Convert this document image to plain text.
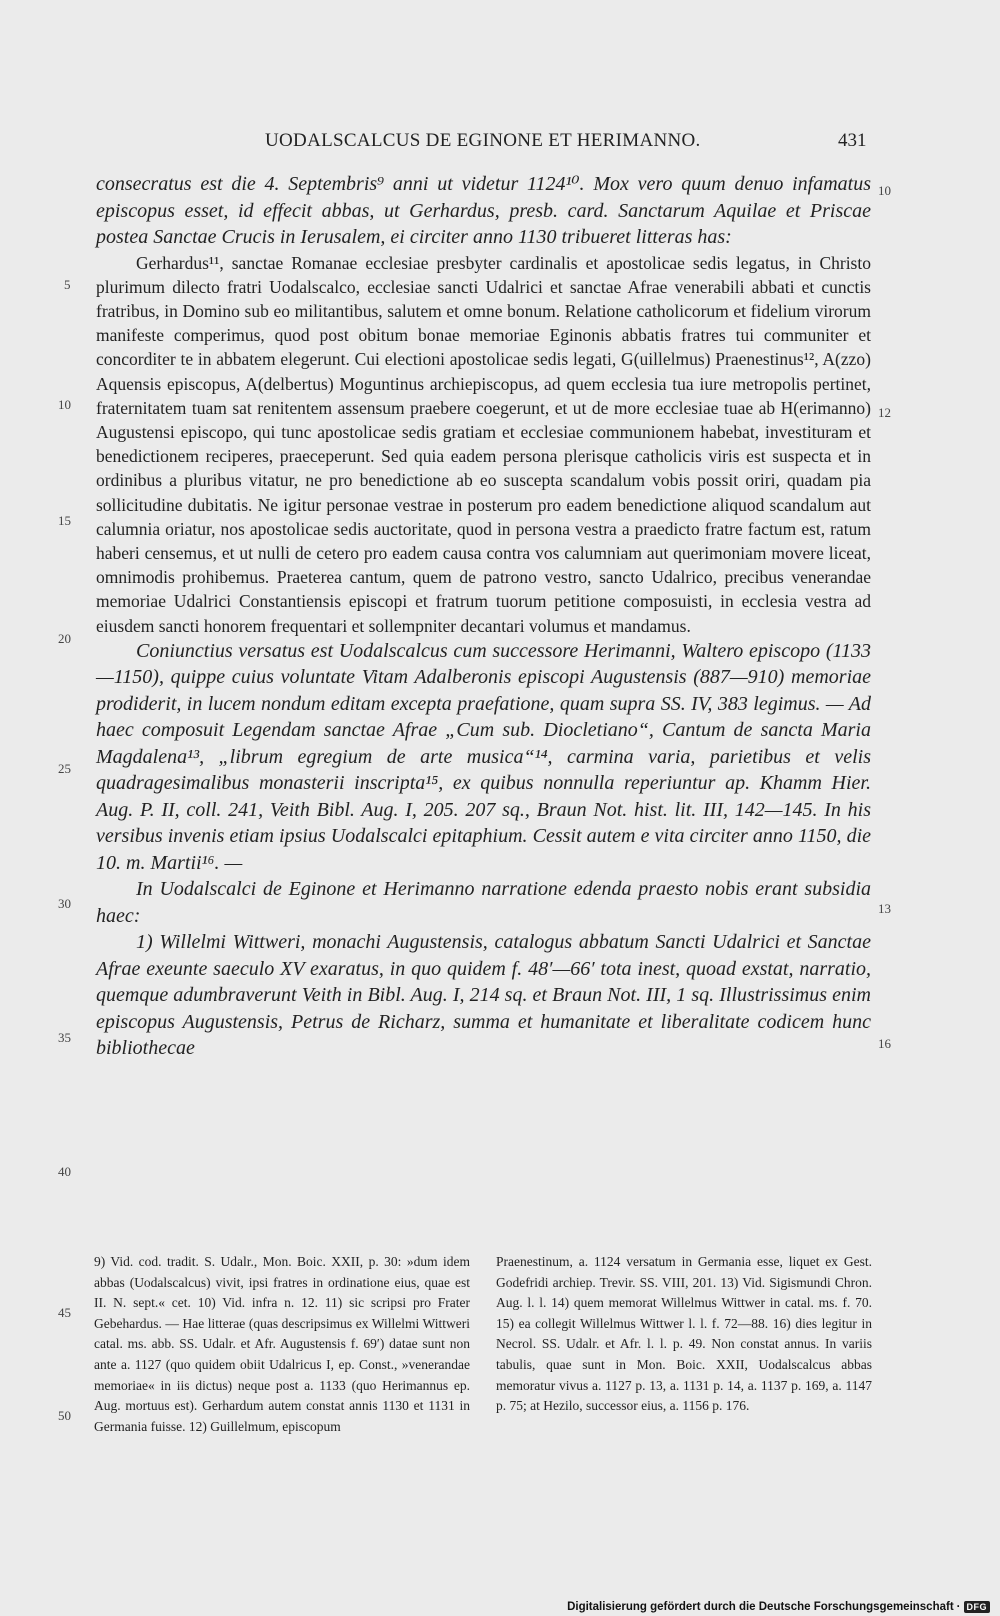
UODALSCALCUS DE EGINONE ET HERIMANNO.	431

consecratus est die 4. Septembris⁹ anni ut videtur 1124¹⁰. Mox vero quum denuo infamatus episcopus esset, id effecit abbas, ut Gerhardus, presb. card. Sanctarum Aquilae et Priscae postea Sanctae Crucis in Ierusalem, ei circiter anno 1130 tribueret litteras has:

Gerhardus¹¹, sanctae Romanae ecclesiae presbyter cardinalis et apostolicae sedis legatus, in Christo plurimum dilecto fratri Uodalscalco, ecclesiae sancti Udalrici et sanctae Afrae venerabili abbati et cunctis fratribus, in Domino sub eo militantibus, salutem et omne bonum. Relatione catholicorum et fidelium virorum manifeste comperimus, quod post obitum bonae memoriae Eginonis abbatis fratres tui communiter et concorditer te in abbatem elegerunt. Cui electioni apostolicae sedis legati, G(uillelmus) Praenestinus¹², A(zzo) Aquensis episcopus, A(delbertus) Moguntinus archiepiscopus, ad quem ecclesia tua iure metropolis pertinet, fraternitatem tuam sat renitentem assensum praebere coegerunt, et ut de more ecclesiae tuae ab H(erimanno) Augustensi episcopo, qui tunc apostolicae sedis gratiam et ecclesiae communionem habebat, investituram et benedictionem reciperes, praeceperunt. Sed quia eadem persona plerisque catholicis viris est suspecta et in ordinibus a pluribus vitatur, ne pro benedictione ab eo suscepta scandalum vobis possit oriri, quadam pia sollicitudine dubitatis. Ne igitur personae vestrae in posterum pro eadem benedictione aliquod scandalum aut calumnia oriatur, nos apostolicae sedis auctoritate, quod in persona vestra a praedicto fratre factum est, ratum haberi censemus, et ut nulli de cetero pro eadem causa contra vos calumniam aut querimoniam movere liceat, omnimodis prohibemus. Praeterea cantum, quem de patrono vestro, sancto Udalrico, precibus venerandae memoriae Udalrici Constantiensis episcopi et fratrum tuorum petitione composuisti, in ecclesia vestra ad eiusdem sancti honorem frequentari et sollempniter decantari volumus et mandamus.

Coniunctius versatus est Uodalscalcus cum successore Herimanni, Waltero episcopo (1133—1150), quippe cuius voluntate Vitam Adalberonis episcopi Augustensis (887—910) memoriae prodiderit, in lucem nondum editam excepta praefatione, quam supra SS. IV, 383 legimus. — Ad haec composuit Legendam sanctae Afrae „Cum sub. Diocletiano“, Cantum de sancta Maria Magdalena¹³, „librum egregium de arte musica“¹⁴, carmina varia, parietibus et velis quadragesimalibus monasterii inscripta¹⁵, ex quibus nonnulla reperiuntur ap. Khamm Hier. Aug. P. II, coll. 241, Veith Bibl. Aug. I, 205. 207 sq., Braun Not. hist. lit. III, 142—145. In his versibus invenis etiam ipsius Uodalscalci epitaphium. Cessit autem e vita circiter anno 1150, die 10. m. Martii¹⁶. —

In Uodalscalci de Eginone et Herimanno narratione edenda praesto nobis erant subsidia haec:

1) Willelmi Wittweri, monachi Augustensis, catalogus abbatum Sancti Udalrici et Sanctae Afrae exeunte saeculo XV exaratus, in quo quidem f. 48′—66′ tota inest, quoad exstat, narratio, quemque adumbraverunt Veith in Bibl. Aug. I, 214 sq. et Braun Not. III, 1 sq. Illustrissimus enim episcopus Augustensis, Petrus de Richarz, summa et humanitate et liberalitate codicem hunc bibliothecae

5
10
15
20
25
30
35
40
45
50
10
12
13
16

9) Vid. cod. tradit. S. Udalr., Mon. Boic. XXII, p. 30: »dum idem abbas (Uodalscalcus) vivit, ipsi fratres in ordinatione eius, quae est II. N. sept.« cet. 10) Vid. infra n. 12. 11) sic scripsi pro Frater Gebehardus. — Hae litterae (quas descripsimus ex Willelmi Wittweri catal. ms. abb. SS. Udalr. et Afr. Augustensis f. 69′) datae sunt non ante a. 1127 (quo quidem obiit Udalricus I, ep. Const., »venerandae memoriae« in iis dictus) neque post a. 1133 (quo Herimannus ep. Aug. mortuus est). Gerhardum autem constat annis 1130 et 1131 in Germania fuisse. 12) Guillelmum, episcopum

Praenestinum, a. 1124 versatum in Germania esse, liquet ex Gest. Godefridi archiep. Trevir. SS. VIII, 201. 13) Vid. Sigismundi Chron. Aug. l. l. 14) quem memorat Willelmus Wittwer in catal. ms. f. 70. 15) ea collegit Willelmus Wittwer l. l. f. 72—88. 16) dies legitur in Necrol. SS. Udalr. et Afr. l. l. p. 49. Non constat annus. In variis tabulis, quae sunt in Mon. Boic. XXII, Uodalscalcus abbas memoratur vivus a. 1127 p. 13, a. 1131 p. 14, a. 1137 p. 169, a. 1147 p. 75; at Hezilo, successor eius, a. 1156 p. 176.

Digitalisierung gefördert durch die Deutsche Forschungsgemeinschaft · DFG
